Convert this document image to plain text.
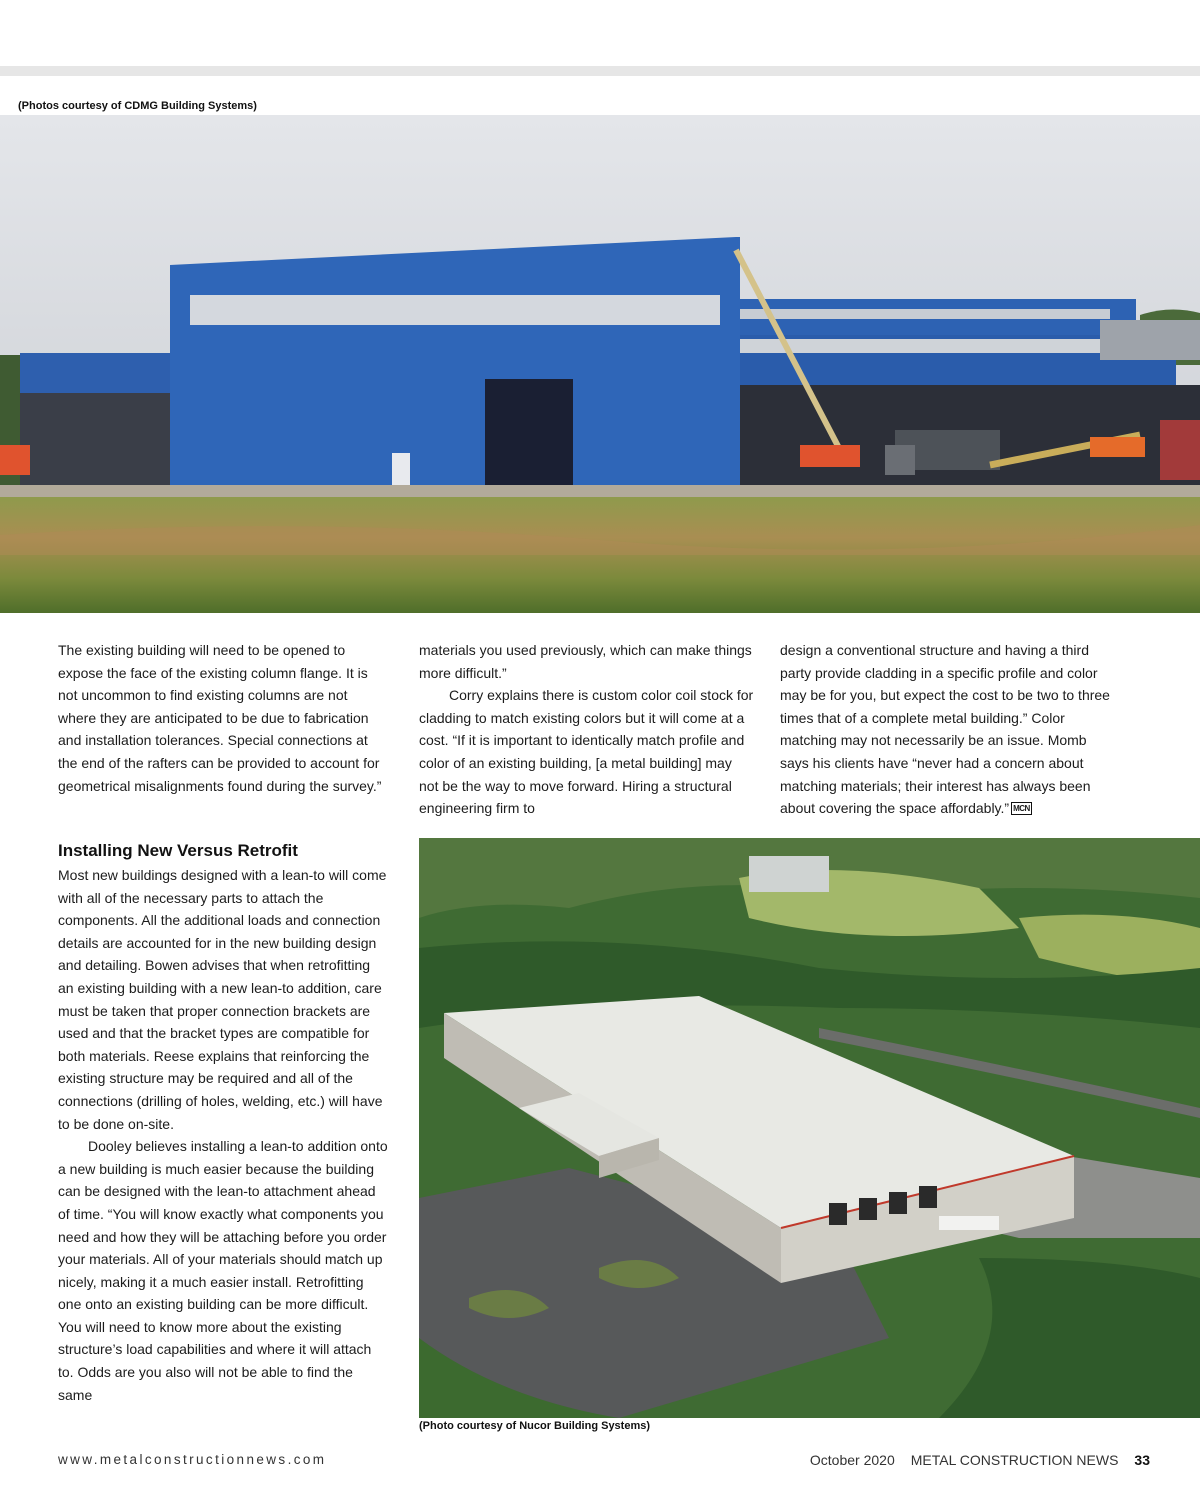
(Photos courtesy of CDMG Building Systems)

The existing building will need to be opened to expose the face of the existing column flange. It is not uncommon to find existing columns are not where they are anticipated to be due to fabrication and installation tolerances. Special connections at the end of the rafters can be provided to account for geometrical misalignments found during the survey.”

materials you used previously, which can make things more difficult.”

Corry explains there is custom color coil stock for cladding to match existing colors but it will come at a cost. “If it is important to identically match profile and color of an existing building, [a metal building] may not be the way to move forward. Hiring a structural engineering firm to

design a conventional structure and having a third party provide cladding in a specific profile and color may be for you, but expect the cost to be two to three times that of a complete metal building.” Color matching may not necessarily be an issue. Momb says his clients have “never had a concern about matching materials; their interest has always been about covering the space affordably.” MCN

Installing New Versus Retrofit

Most new buildings designed with a lean-to will come with all of the necessary parts to attach the components. All the additional loads and connection details are accounted for in the new building design and detailing. Bowen advises that when retrofitting an existing building with a new lean-to addition, care must be taken that proper connection brackets are used and that the bracket types are compatible for both materials. Reese explains that reinforcing the existing structure may be required and all of the connections (drilling of holes, welding, etc.) will have to be done on-site.

Dooley believes installing a lean-to addition onto a new building is much easier because the building can be designed with the lean-to attachment ahead of time. “You will know exactly what components you need and how they will be attaching before you order your materials. All of your materials should match up nicely, making it a much easier install. Retrofitting one onto an existing building can be more difficult. You will need to know more about the existing structure’s load capabilities and where it will attach to. Odds are you also will not be able to find the same

(Photo courtesy of Nucor Building Systems)
www.metalconstructionnews.com	October 2020 METAL CONSTRUCTION NEWS 33
